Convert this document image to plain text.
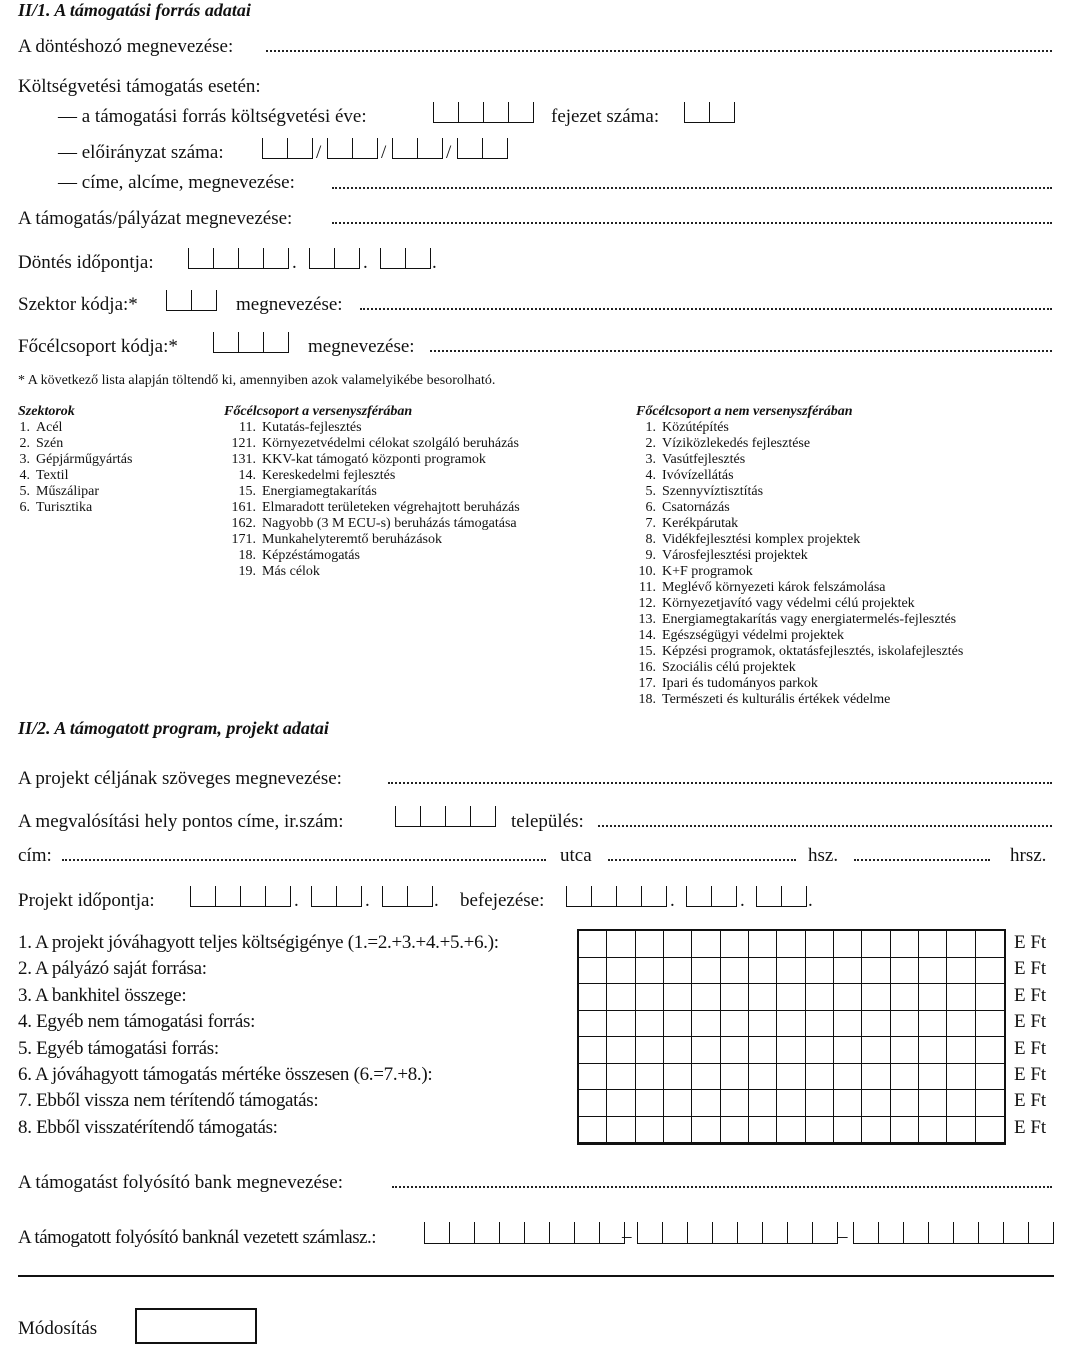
II/1. A támogatási forrás adatai
A döntéshozó megnevezése:
Költségvetési támogatás esetén:
— a támogatási forrás költségvetési éve:	fejezet száma:
— előirányzat száma:	/	/	/
— címe, alcíme, megnevezése:
A támogatás/pályázat megnevezése:
Döntés időpontja:	.	.	.
Szektor kódja:*	megnevezése:
Főcélcsoport kódja:*	megnevezése:
* A következő lista alapján töltendő ki, amennyiben azok valamelyikébe besorolható.
Szektorok
1. Acél
2. Szén
3. Gépjárműgyártás
4. Textil
5. Műszálipar
6. Turisztika
Főcélcsoport a versenyszférában
11. Kutatás-fejlesztés
121. Környezetvédelmi célokat szolgáló beruházás
131. KKV-kat támogató központi programok
14. Kereskedelmi fejlesztés
15. Energiamegtakarítás
161. Elmaradott területeken végrehajtott beruházás
162. Nagyobb (3 M ECU-s) beruházás támogatása
171. Munkahelyteremtő beruházások
18. Képzéstámogatás
19. Más célok
Főcélcsoport a nem versenyszférában
1. Közútépítés
2. Víziközlekedés fejlesztése
3. Vasútfejlesztés
4. Ivóvízellátás
5. Szennyvíztisztítás
6. Csatornázás
7. Kerékpárutak
8. Vidékfejlesztési komplex projektek
9. Városfejlesztési projektek
10. K+F programok
11. Meglévő környezeti károk felszámolása
12. Környezetjavító vagy védelmi célú projektek
13. Energiamegtakarítás vagy energiatermelés-fejlesztés
14. Egészségügyi védelmi projektek
15. Képzési programok, oktatásfejlesztés, iskolafejlesztés
16. Szociális célú projektek
17. Ipari és tudományos parkok
18. Természeti és kulturális értékek védelme
II/2. A támogatott program, projekt adatai
A projekt céljának szöveges megnevezése:
A megvalósítási hely pontos címe, ir.szám:	település:
cím:	utca	hsz.	hrsz.
Projekt időpontja:	.	.	. befejezése:	.	.	.
1. A projekt jóváhagyott teljes költségigénye (1.=2.+3.+4.+5.+6.):	E Ft
2. A pályázó saját forrása:	E Ft
3. A bankhitel összege:	E Ft
4. Egyéb nem támogatási forrás:	E Ft
5. Egyéb támogatási forrás:	E Ft
6. A jóváhagyott támogatás mértéke összesen (6.=7.+8.):	E Ft
7. Ebből vissza nem térítendő támogatás:	E Ft
8. Ebből visszatérítendő támogatás:	E Ft
A támogatást folyósító bank megnevezése:
A támogatott folyósító banknál vezetett számlasz.:	–	–
Módosítás
